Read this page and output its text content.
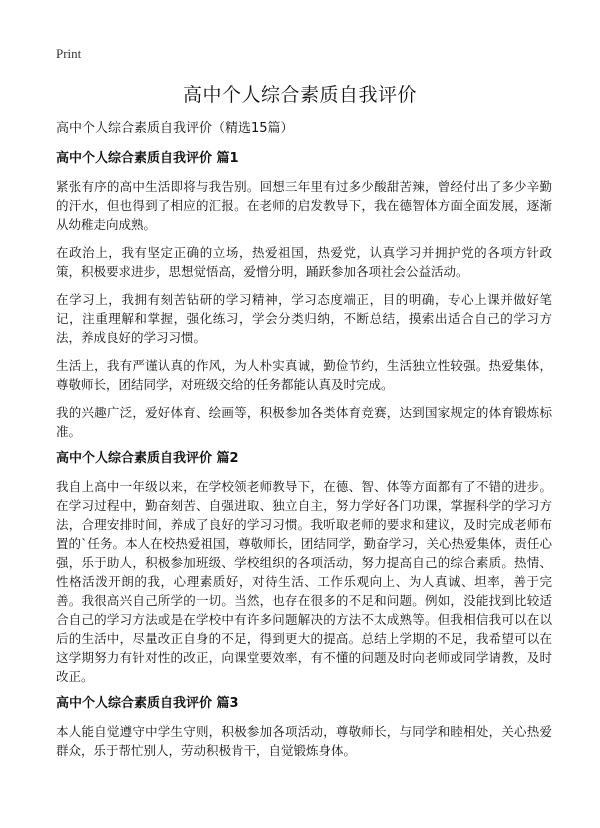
Print
高中个人综合素质自我评价

高中个人综合素质自我评价（精选15篇）

高中个人综合素质自我评价 篇1

紧张有序的高中生活即将与我告别。回想三年里有过多少酸甜苦辣，曾经付出了多少辛勤的汗水，但也得到了相应的汇报。在老师的启发教导下，我在德智体方面全面发展，逐渐从幼稚走向成熟。

在政治上，我有坚定正确的立场，热爱祖国，热爱党，认真学习并拥护党的各项方针政策，积极要求进步，思想觉悟高，爱憎分明，踊跃参加各项社会公益活动。

在学习上，我拥有刻苦钻研的学习精神，学习态度端正，目的明确，专心上课并做好笔记，注重理解和掌握，强化练习，学会分类归纳，不断总结，摸索出适合自己的学习方法，养成良好的学习习惯。

生活上，我有严谨认真的作风，为人朴实真诚，勤俭节约，生活独立性较强。热爱集体，尊敬师长，团结同学，对班级交给的任务都能认真及时完成。

我的兴趣广泛，爱好体育、绘画等，积极参加各类体育竞赛，达到国家规定的体育锻炼标准。

高中个人综合素质自我评价 篇2

我自上高中一年级以来，在学校领老师教导下，在德、智、体等方面都有了不错的进步。在学习过程中，勤奋刻苦、自强进取、独立自主，努力学好各门功课，掌握科学的学习方法，合理安排时间，养成了良好的学习习惯。我听取老师的要求和建议，及时完成老师布置的`任务。本人在校热爱祖国，尊敬师长，团结同学，勤奋学习，关心热爱集体，责任心强，乐于助人，积极参加班级、学校组织的各项活动，努力提高自己的综合素质。热情、性格活泼开朗的我，心理素质好，对待生活、工作乐观向上、为人真诚、坦率，善于完善。我很高兴自己所学的一切。当然，也存在很多的不足和问题。例如，没能找到比较适合自己的学习方法或是在学校中有许多问题解决的方法不太成熟等。但我相信我可以在以后的生活中，尽量改正自身的不足，得到更大的提高。总结上学期的不足，我希望可以在这学期努力有针对性的改正，向课堂要效率，有不懂的问题及时向老师或同学请教，及时改正。

高中个人综合素质自我评价 篇3

本人能自觉遵守中学生守则，积极参加各项活动，尊敬师长，与同学和睦相处，关心热爱群众，乐于帮忙别人，劳动积极肯干，自觉锻炼身体。
